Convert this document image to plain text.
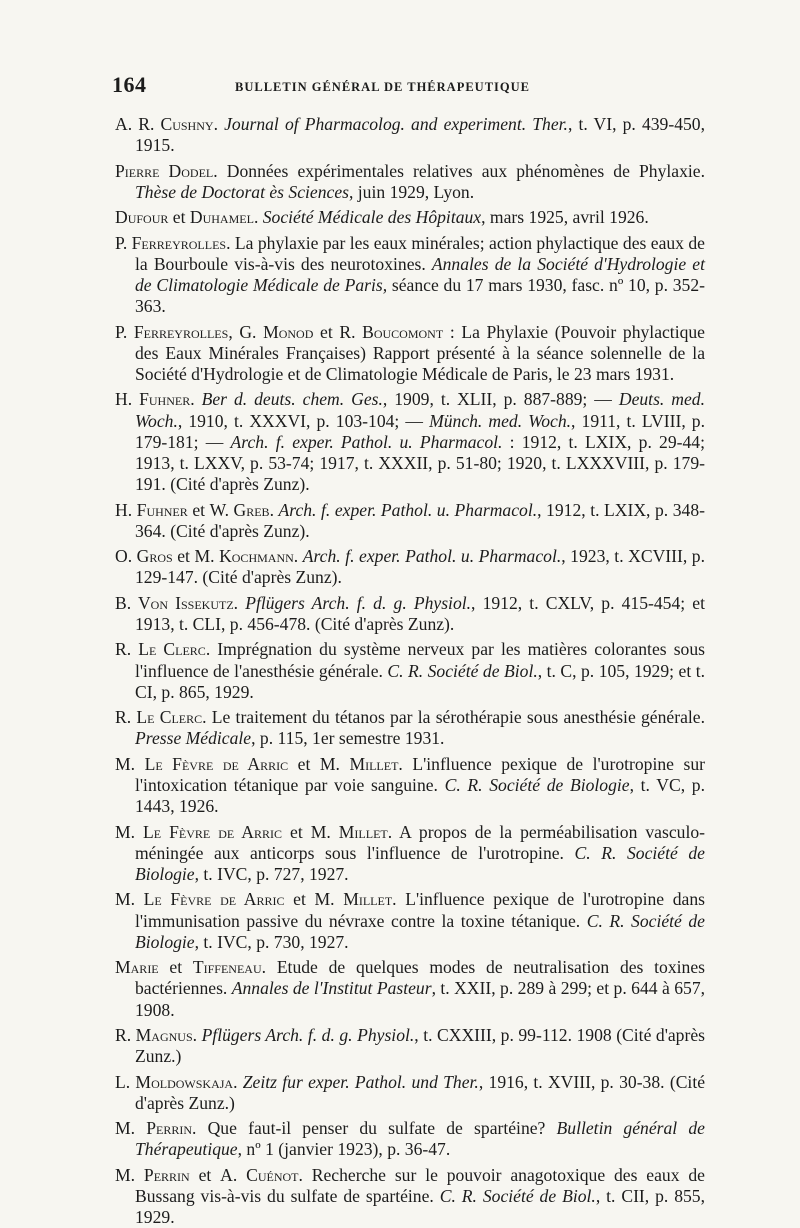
164	BULLETIN GÉNÉRAL DE THÉRAPEUTIQUE

A. R. Cushny. Journal of Pharmacolog. and experiment. Ther., t. VI, p. 439-450, 1915.

Pierre Dodel. Données expérimentales relatives aux phénomènes de Phylaxie. Thèse de Doctorat ès Sciences, juin 1929, Lyon.

Dufour et Duhamel. Société Médicale des Hôpitaux, mars 1925, avril 1926.

P. Ferreyrolles. La phylaxie par les eaux minérales; action phylactique des eaux de la Bourboule vis-à-vis des neurotoxines. Annales de la Société d'Hydrologie et de Climatologie Médicale de Paris, séance du 17 mars 1930, fasc. nº 10, p. 352-363.

P. Ferreyrolles, G. Monod et R. Boucomont : La Phylaxie (Pouvoir phylactique des Eaux Minérales Françaises) Rapport présenté à la séance solennelle de la Société d'Hydrologie et de Climatologie Médicale de Paris, le 23 mars 1931.

H. Fuhner. Ber d. deuts. chem. Ges., 1909, t. XLII, p. 887-889; — Deuts. med. Woch., 1910, t. XXXVI, p. 103-104; — Münch. med. Woch., 1911, t. LVIII, p. 179-181; — Arch. f. exper. Pathol. u. Pharmacol. : 1912, t. LXIX, p. 29-44; 1913, t. LXXV, p. 53-74; 1917, t. XXXII, p. 51-80; 1920, t. LXXXVIII, p. 179-191. (Cité d'après Zunz).

H. Fuhner et W. Greb. Arch. f. exper. Pathol. u. Pharmacol., 1912, t. LXIX, p. 348-364. (Cité d'après Zunz).

O. Gros et M. Kochmann. Arch. f. exper. Pathol. u. Pharmacol., 1923, t. XCVIII, p. 129-147. (Cité d'après Zunz).

B. Von Issekutz. Pflügers Arch. f. d. g. Physiol., 1912, t. CXLV, p. 415-454; et 1913, t. CLI, p. 456-478. (Cité d'après Zunz).

R. Le Clerc. Imprégnation du système nerveux par les matières colorantes sous l'influence de l'anesthésie générale. C. R. Société de Biol., t. C, p. 105, 1929; et t. CI, p. 865, 1929.

R. Le Clerc. Le traitement du tétanos par la sérothérapie sous anesthésie générale. Presse Médicale, p. 115, 1er semestre 1931.

M. Le Fèvre de Arric et M. Millet. L'influence pexique de l'urotropine sur l'intoxication tétanique par voie sanguine. C. R. Société de Biologie, t. VC, p. 1443, 1926.

M. Le Fèvre de Arric et M. Millet. A propos de la perméabilisation vasculo-méningée aux anticorps sous l'influence de l'urotropine. C. R. Société de Biologie, t. IVC, p. 727, 1927.

M. Le Fèvre de Arric et M. Millet. L'influence pexique de l'urotropine dans l'immunisation passive du névraxe contre la toxine tétanique. C. R. Société de Biologie, t. IVC, p. 730, 1927.

Marie et Tiffeneau. Etude de quelques modes de neutralisation des toxines bactériennes. Annales de l'Institut Pasteur, t. XXII, p. 289 à 299; et p. 644 à 657, 1908.

R. Magnus. Pflügers Arch. f. d. g. Physiol., t. CXXIII, p. 99-112. 1908 (Cité d'après Zunz.)

L. Moldowskaja. Zeitz fur exper. Pathol. und Ther., 1916, t. XVIII, p. 30-38. (Cité d'après Zunz.)

M. Perrin. Que faut-il penser du sulfate de spartéine? Bulletin général de Thérapeutique, nº 1 (janvier 1923), p. 36-47.

M. Perrin et A. Cuénot. Recherche sur le pouvoir anagotoxique des eaux de Bussang vis-à-vis du sulfate de spartéine. C. R. Société de Biol., t. CII, p. 855, 1929.
